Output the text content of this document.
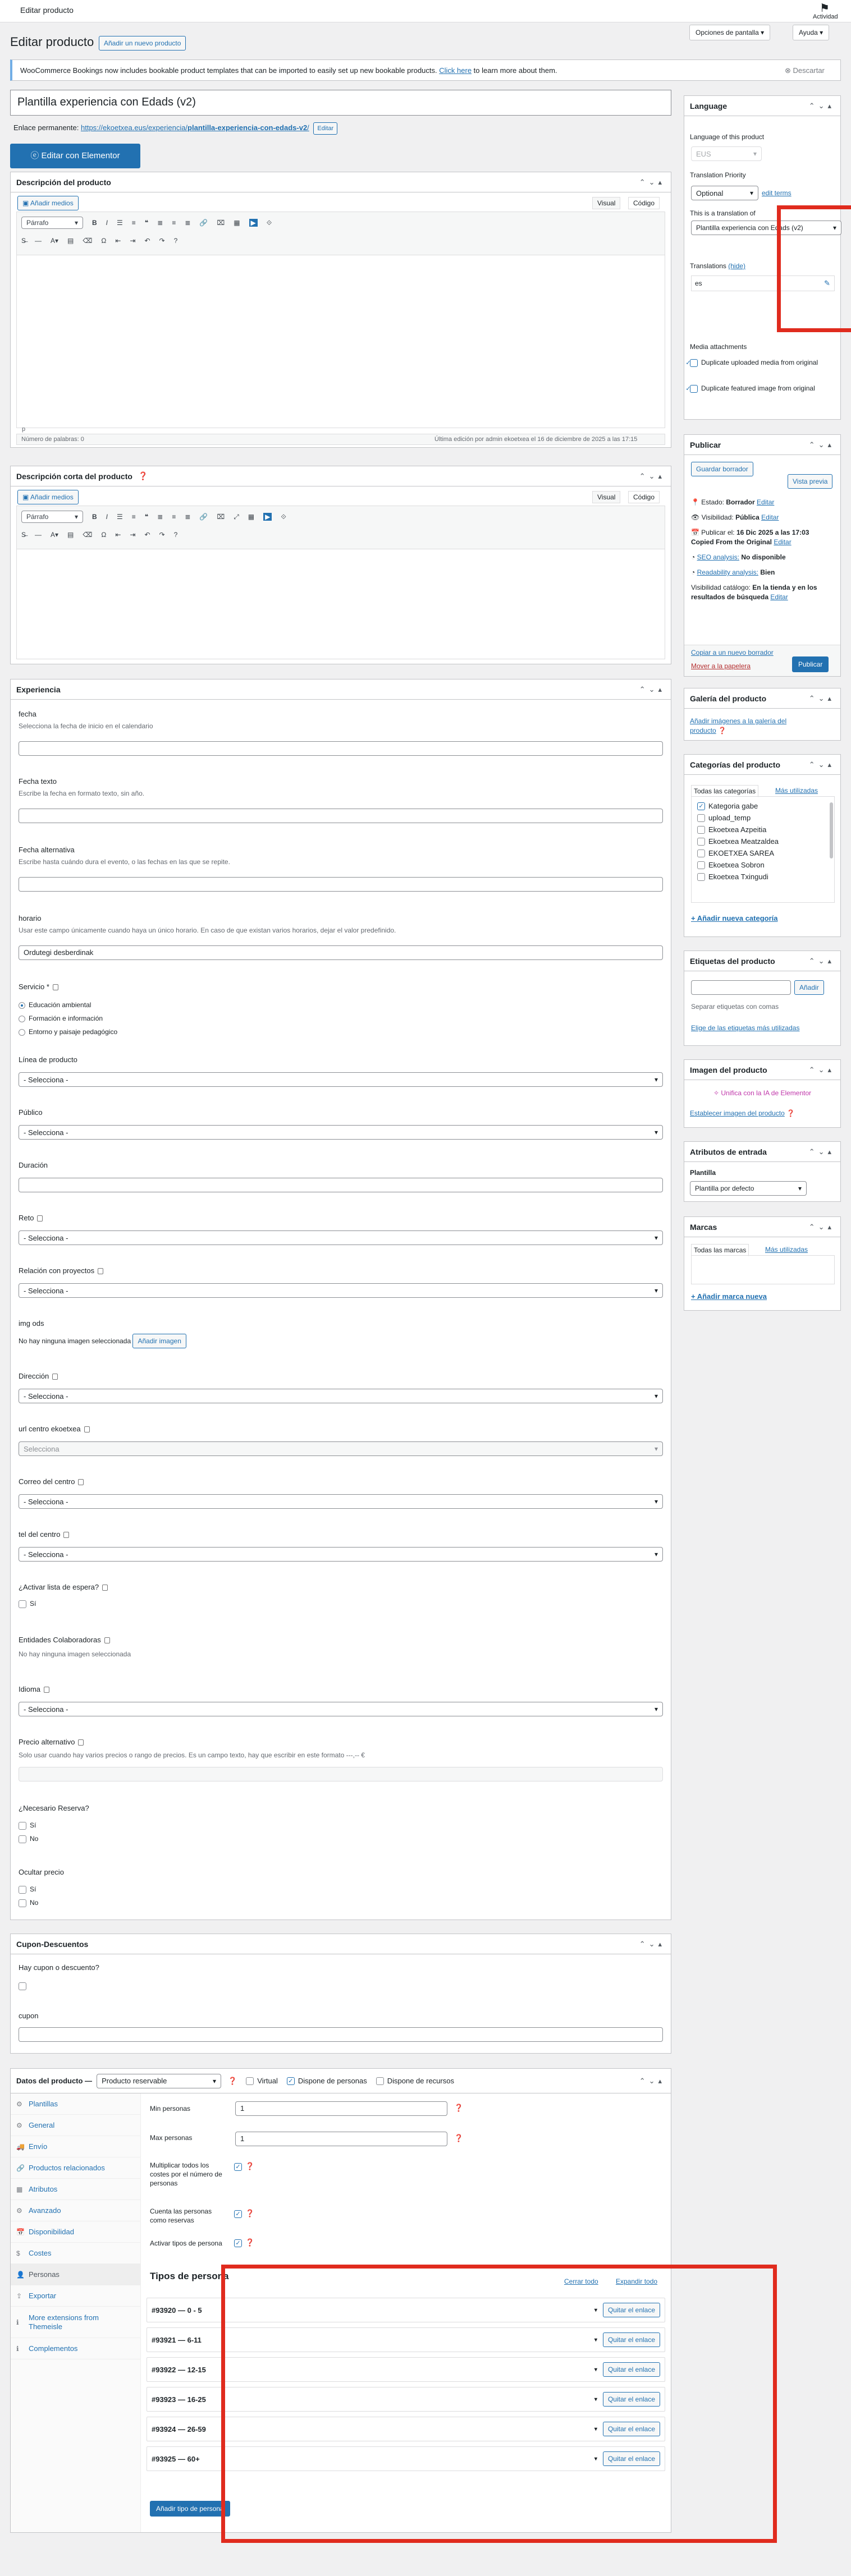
Editar producto	⚑
Actividad
Editar producto	Añadir un nuevo producto
Opciones de pantalla ▾	Ayuda ▾
WooCommerce Bookings now includes bookable product templates that can be imported to easily set up new bookable products. Click here to learn more about them.	⊗ Descartar
Plantilla experiencia con Edads (v2)
Enlace permanente: https://ekoetxea.eus/experiencia/plantilla-experiencia-con-edads-v2/ Editar
ⓔ Editar con Elementor
Descripción del producto	⌃⌄▴
▣ Añadir medios	Visual	Código
Párrafo ▾	B I ☰ ≡ ❝ ≣ ≡ ≣ 🔗 ⌧ ▦ ▶ ⟐
S̶ — A▾ ▤ ⌫ Ω ⇤ ⇥ ↶ ↷ ?
p
Número de palabras: 0	Última edición por admin ekoetxea el 16 de diciembre de 2025 a las 17:15
Descripción corta del producto ❓	⌃⌄▴
▣ Añadir medios	Visual	Código
Párrafo ▾	B I ☰ ≡ ❝ ≣ ≡ ≣ 🔗 ⌧ ⤢ ▦ ▶ ⟐
S̶ — A▾ ▤ ⌫ Ω ⇤ ⇥ ↶ ↷ ?
Experiencia	⌃⌄▴
fecha
Selecciona la fecha de inicio en el calendario
Fecha texto
Escribe la fecha en formato texto, sin año.
Fecha alternativa
Escribe hasta cuándo dura el evento, o las fechas en las que se repite.
horario
Usar este campo únicamente cuando haya un único horario. En caso de que existan varios horarios, dejar el valor predefinido.
Ordutegi desberdinak
Servicio *
Educación ambiental
Formación e información
Entorno y paisaje pedagógico
Línea de producto
- Selecciona - ▾
Público
- Selecciona - ▾
Duración
Reto
- Selecciona - ▾
Relación con proyectos
- Selecciona - ▾
img ods
No hay ninguna imagen seleccionada Añadir imagen
Dirección
- Selecciona - ▾
url centro ekoetxea
Selecciona ▾
Correo del centro
- Selecciona - ▾
tel del centro
- Selecciona - ▾
¿Activar lista de espera?
Sí
Entidades Colaboradoras
No hay ninguna imagen seleccionada
Idioma
- Selecciona - ▾
Precio alternativo
Solo usar cuando hay varios precios o rango de precios. Es un campo texto, hay que escribir en este formato ---,-- €
¿Necesario Reserva?
Sí
No
Ocultar precio
Sí
No
Cupon-Descuentos	⌃⌄▴
Hay cupon o descuento?
cupon
Datos del producto —	Producto reservable ▾	❓	Virtual ✓ Dispone de personas	Dispone de recursos	⌃⌄▴
⚙ Plantillas
⚙ General
🚚 Envío
🔗 Productos relacionados
▦ Atributos
⚙ Avanzado
📅 Disponibilidad
$	Costes
👤 Personas
⇪ Exportar
ℹ
More extensions from Themeisle
ℹ	Complementos
Min personas	1	❓
Max personas	1	❓
Multiplicar todos los costes por el número de personas
✓ ❓
Cuenta las personas como reservas
✓ ❓
Activar tipos de persona ✓ ❓
Tipos de persona	Cerrar todo	Expandir todo
#93920 — 0 - 5	▾	Quitar el enlace
#93921 — 6-11	▾	Quitar el enlace
#93922 — 12-15	▾	Quitar el enlace
#93923 — 16-25	▾	Quitar el enlace
#93924 — 26-59	▾	Quitar el enlace
#93925 — 60+	▾	Quitar el enlace
Añadir tipo de persona
Language	⌃⌄▴
Language of this product
EUS ▾
Translation Priority
Optional ▾	edit terms
This is a translation of
Plantilla experiencia con Edads (v2) ▾
Translations (hide)
es	✎
Media attachments
✓ Duplicate uploaded media from original
✓ Duplicate featured image from original
Publicar	⌃⌄▴
Guardar borrador
Vista previa
📍 Estado: Borrador Editar
👁 Visibilidad: Pública Editar
📅 Publicar el: 16 Dic 2025 a las 17:03
Copied From the Original Editar
◔ SEO analysis: No disponible
◔ Readability analysis: Bien
Visibilidad catálogo: En la tienda y en los resultados de búsqueda Editar
Copiar a un nuevo borrador
Mover a la papelera	Publicar
Galería del producto	⌃⌄▴
Añadir imágenes a la galería del producto ❓
Categorías del producto	⌃⌄▴
Todas las categorías	Más utilizadas
✓ Kategoria gabe
upload_temp
Ekoetxea Azpeitia
Ekoetxea Meatzaldea
EKOETXEA SAREA
Ekoetxea Sobron
Ekoetxea Txingudi
+ Añadir nueva categoría
Etiquetas del producto	⌃⌄▴
Añadir
Separar etiquetas con comas
Elige de las etiquetas más utilizadas
Imagen del producto	⌃⌄▴
✧ Unifica con la IA de Elementor
Establecer imagen del producto ❓
Atributos de entrada	⌃⌄▴
Plantilla
Plantilla por defecto ▾
Marcas	⌃⌄▴
Todas las marcas	Más utilizadas
+ Añadir marca nueva
